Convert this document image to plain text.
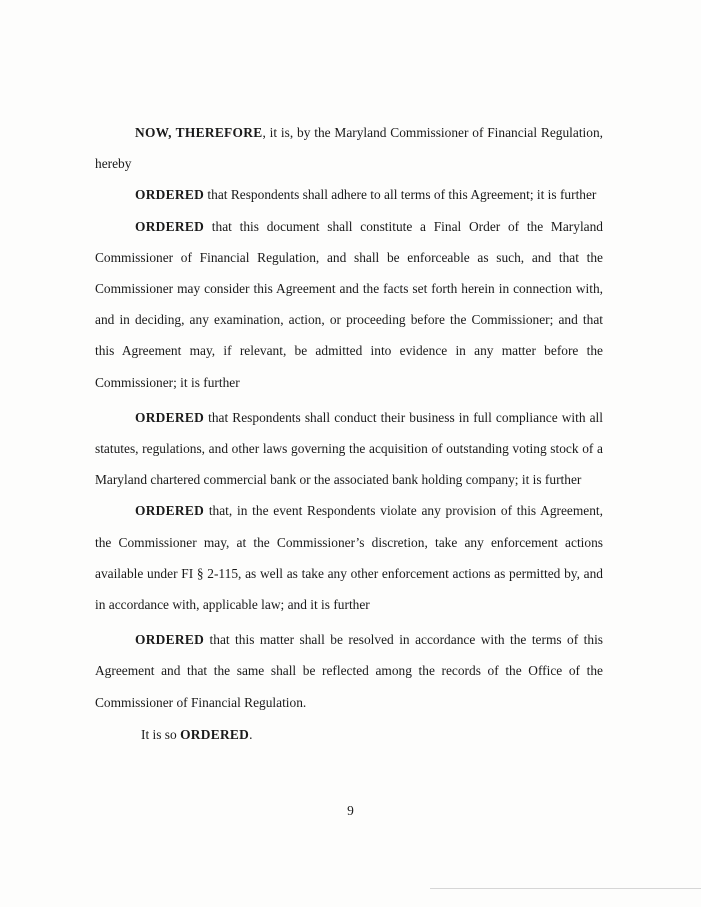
NOW, THEREFORE, it is, by the Maryland Commissioner of Financial Regulation, hereby

ORDERED that Respondents shall adhere to all terms of this Agreement; it is further

ORDERED that this document shall constitute a Final Order of the Maryland Commissioner of Financial Regulation, and shall be enforceable as such, and that the Commissioner may consider this Agreement and the facts set forth herein in connection with, and in deciding, any examination, action, or proceeding before the Commissioner; and that this Agreement may, if relevant, be admitted into evidence in any matter before the Commissioner; it is further

ORDERED that Respondents shall conduct their business in full compliance with all statutes, regulations, and other laws governing the acquisition of outstanding voting stock of a Maryland chartered commercial bank or the associated bank holding company; it is further

ORDERED that, in the event Respondents violate any provision of this Agreement, the Commissioner may, at the Commissioner’s discretion, take any enforcement actions available under FI § 2-115, as well as take any other enforcement actions as permitted by, and in accordance with, applicable law; and it is further

ORDERED that this matter shall be resolved in accordance with the terms of this Agreement and that the same shall be reflected among the records of the Office of the Commissioner of Financial Regulation.

It is so ORDERED.

9
